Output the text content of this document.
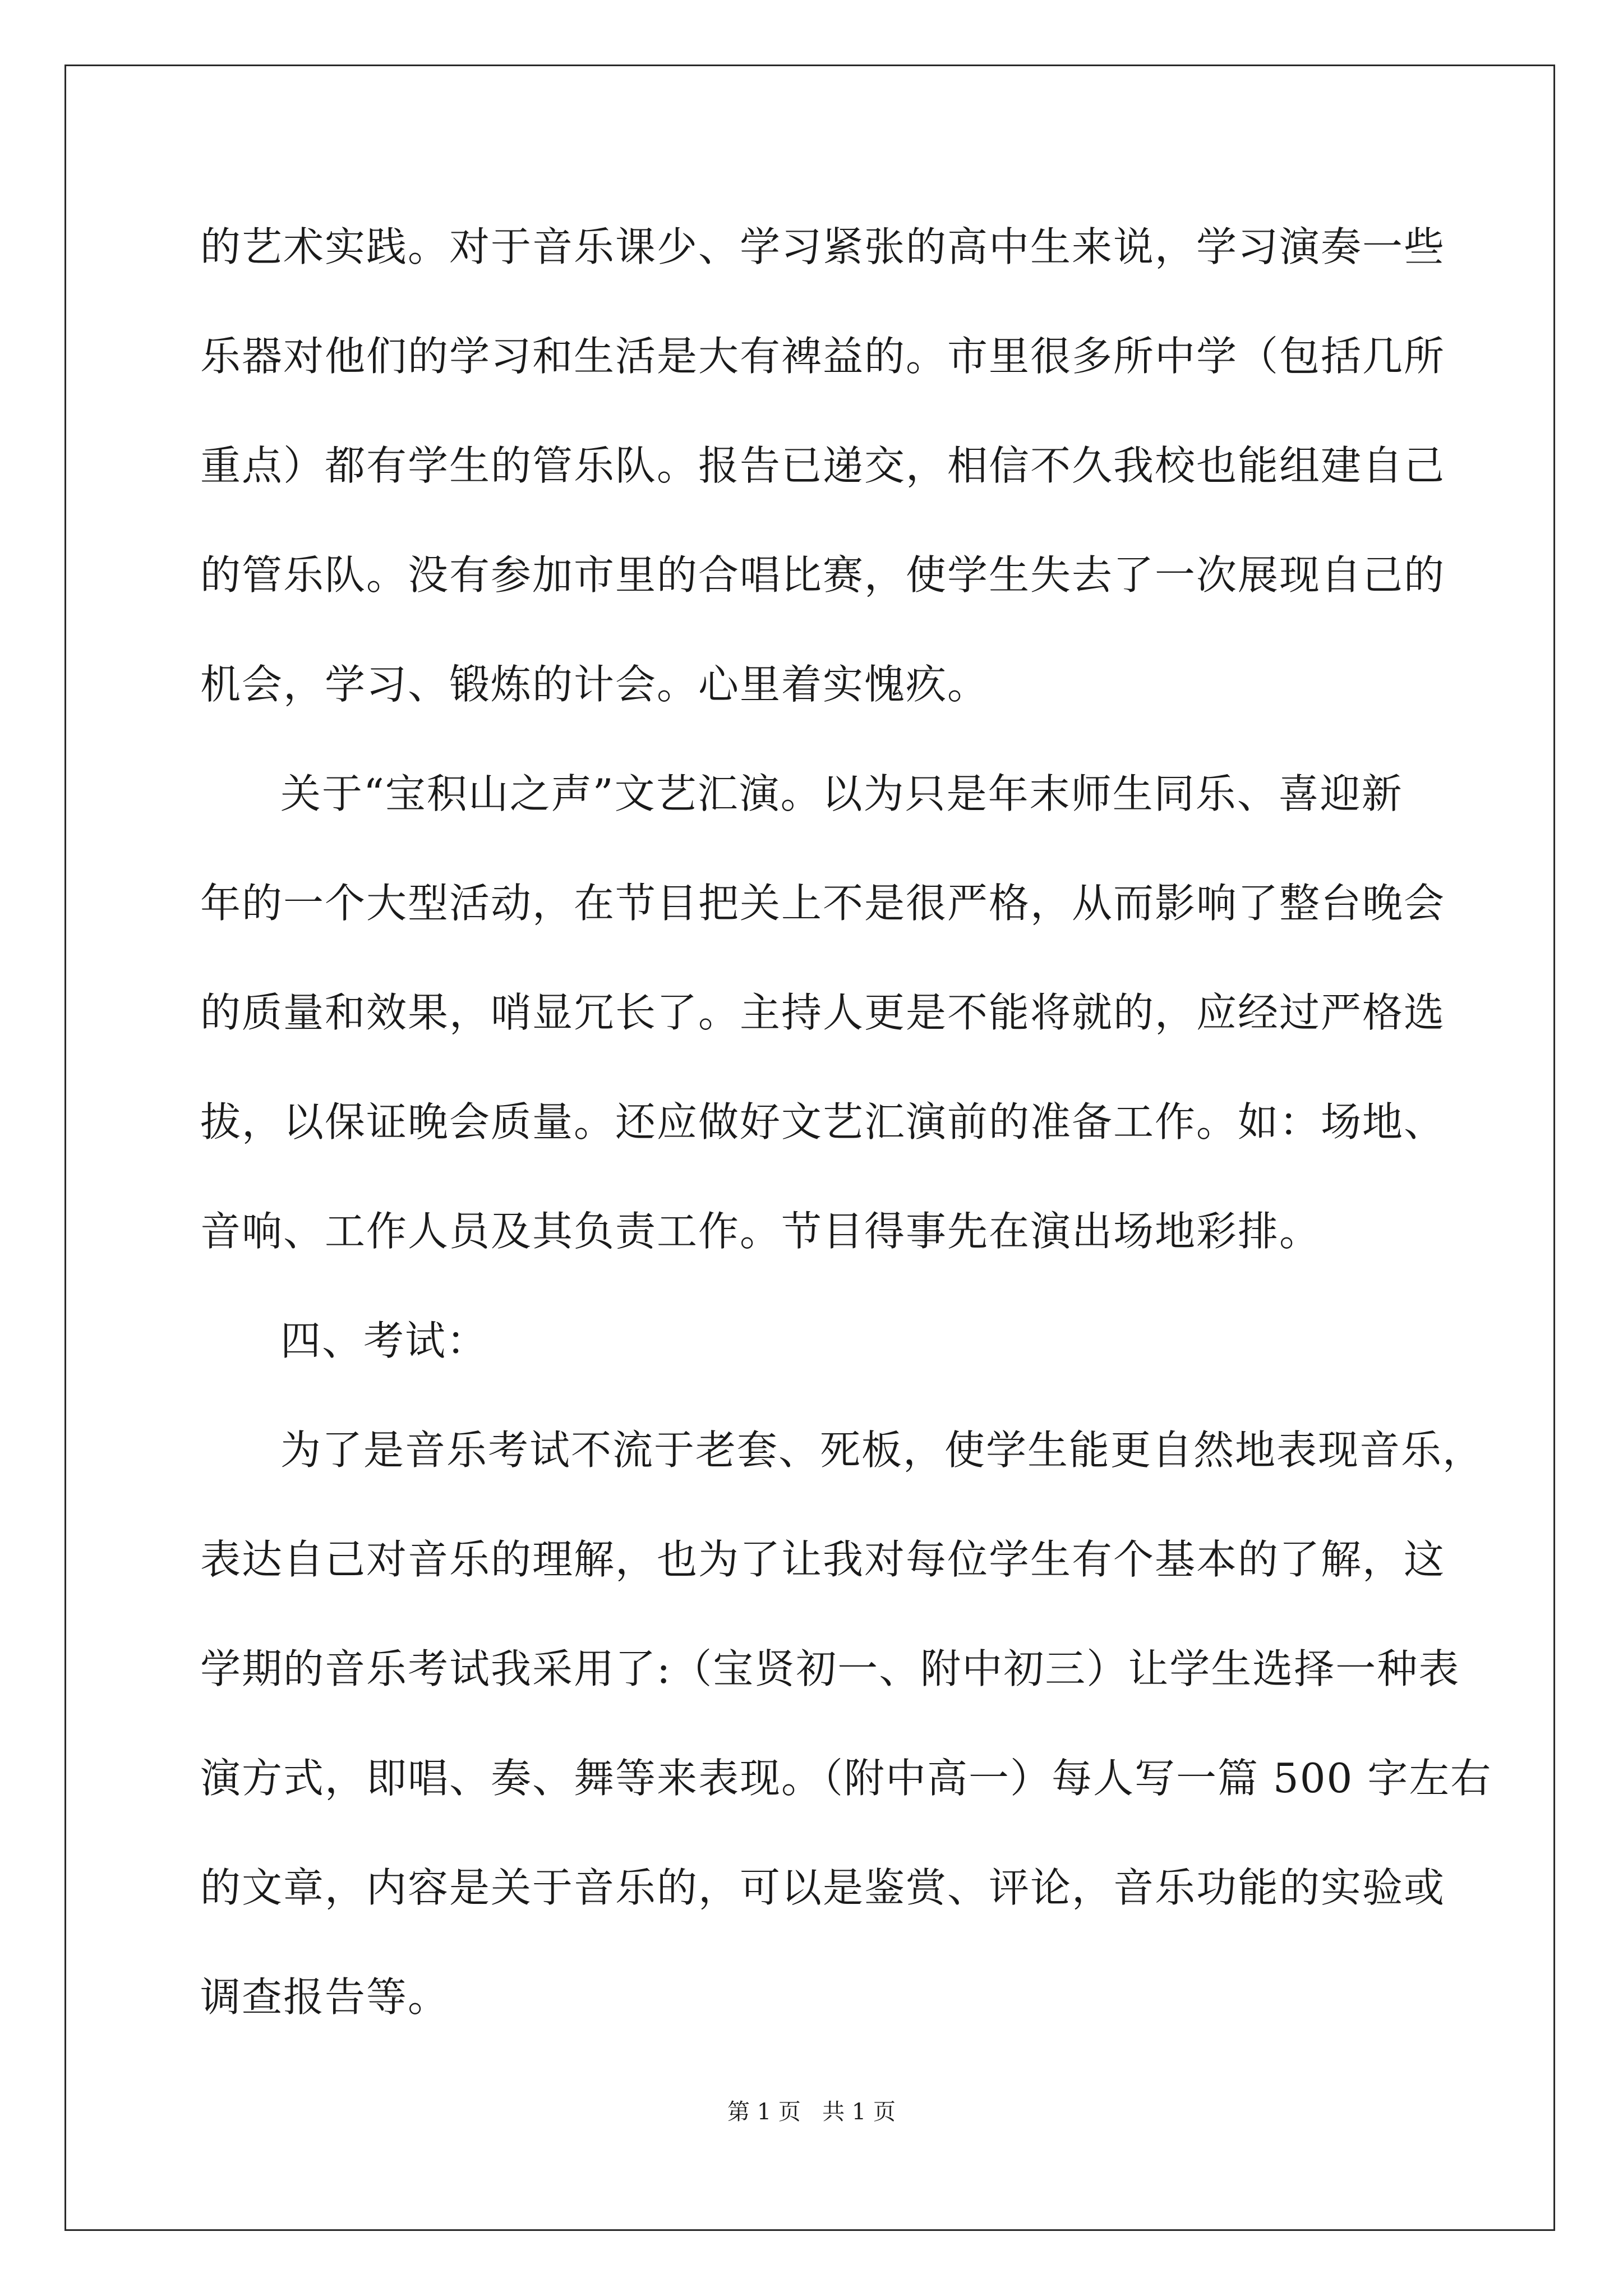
的艺术实践。对于音乐课少、学习紧张的高中生来说，学习演奏一些
乐器对他们的学习和生活是大有裨益的。市里很多所中学（包括几所
重点）都有学生的管乐队。报告已递交，相信不久我校也能组建自己
的管乐队。没有参加市里的合唱比赛，使学生失去了一次展现自己的
机会，学习、锻炼的计会。心里着实愧疚。
关于“宝积山之声”文艺汇演。以为只是年末师生同乐、喜迎新
年的一个大型活动，在节目把关上不是很严格，从而影响了整台晚会
的质量和效果，哨显冗长了。主持人更是不能将就的，应经过严格选
拔，以保证晚会质量。还应做好文艺汇演前的准备工作。如：场地、
音响、工作人员及其负责工作。节目得事先在演出场地彩排。
四、考试：
为了是音乐考试不流于老套、死板，使学生能更自然地表现音乐，
表达自己对音乐的理解，也为了让我对每位学生有个基本的了解，这
学期的音乐考试我采用了:（宝贤初一、附中初三）让学生选择一种表
演方式，即唱、奏、舞等来表现。（附中高一）每人写一篇 500 字左右
的文章，内容是关于音乐的，可以是鉴赏、评论，音乐功能的实验或
调查报告等。
第 1 页   共 1 页
